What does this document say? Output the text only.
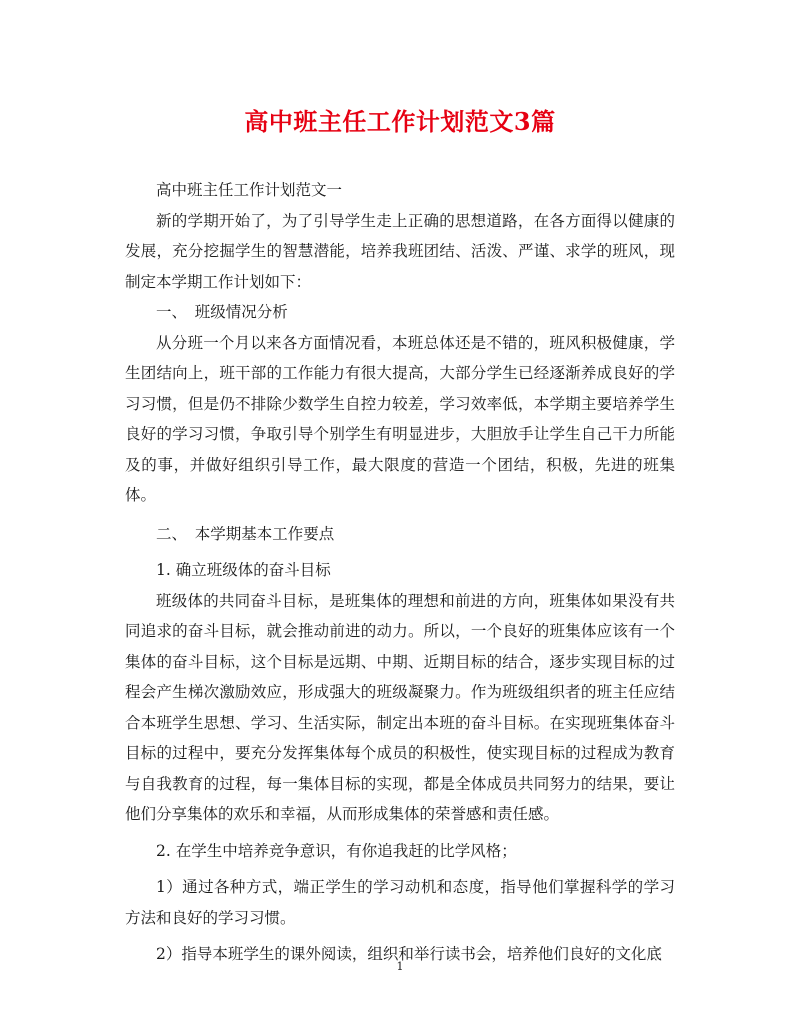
高中班主任工作计划范文3篇

高中班主任工作计划范文一

新的学期开始了，为了引导学生走上正确的思想道路，在各方面得以健康的发展，充分挖掘学生的智慧潜能，培养我班团结、活泼、严谨、求学的班风，现制定本学期工作计划如下：

一、　班级情况分析

从分班一个月以来各方面情况看，本班总体还是不错的，班风积极健康，学生团结向上，班干部的工作能力有很大提高，大部分学生已经逐渐养成良好的学习习惯，但是仍不排除少数学生自控力较差，学习效率低，本学期主要培养学生良好的学习习惯，争取引导个别学生有明显进步，大胆放手让学生自己干力所能及的事，并做好组织引导工作，最大限度的营造一个团结，积极，先进的班集体。

二、　本学期基本工作要点

1. 确立班级体的奋斗目标

班级体的共同奋斗目标，是班集体的理想和前进的方向，班集体如果没有共同追求的奋斗目标，就会推动前进的动力。所以，一个良好的班集体应该有一个集体的奋斗目标，这个目标是远期、中期、近期目标的结合，逐步实现目标的过程会产生梯次激励效应，形成强大的班级凝聚力。作为班级组织者的班主任应结合本班学生思想、学习、生活实际，制定出本班的奋斗目标。在实现班集体奋斗目标的过程中，要充分发挥集体每个成员的积极性，使实现目标的过程成为教育与自我教育的过程，每一集体目标的实现，都是全体成员共同努力的结果，要让他们分享集体的欢乐和幸福，从而形成集体的荣誉感和责任感。

2. 在学生中培养竞争意识，有你追我赶的比学风格；

1）通过各种方式，端正学生的学习动机和态度，指导他们掌握科学的学习方法和良好的学习习惯。

2）指导本班学生的课外阅读，组织和举行读书会，培养他们良好的文化底

1
